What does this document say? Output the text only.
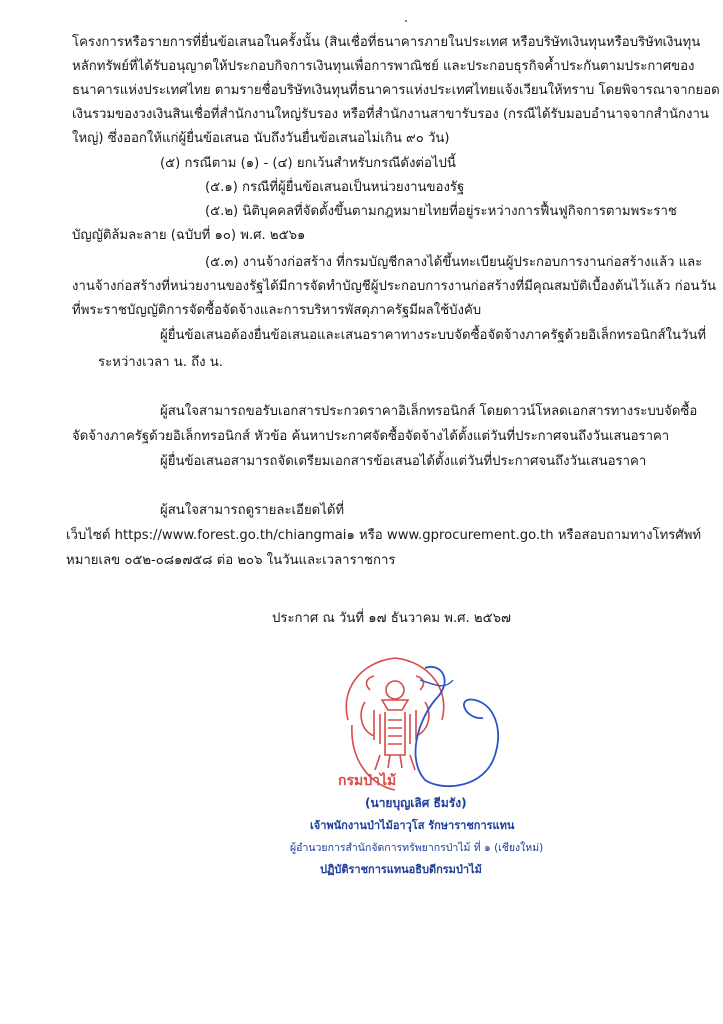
โครงการหรือรายการที่ยื่นข้อเสนอในครั้งนั้น (สินเชื่อที่ธนาคารภายในประเทศ หรือบริษัทเงินทุนหรือบริษัทเงินทุน
หลักทรัพย์ที่ได้รับอนุญาตให้ประกอบกิจการเงินทุนเพื่อการพาณิชย์ และประกอบธุรกิจค้ำประกันตามประกาศของ
ธนาคารแห่งประเทศไทย ตามรายชื่อบริษัทเงินทุนที่ธนาคารแห่งประเทศไทยแจ้งเวียนให้ทราบ โดยพิจารณาจากยอด
เงินรวมของวงเงินสินเชื่อที่สำนักงานใหญ่รับรอง หรือที่สำนักงานสาขารับรอง (กรณีได้รับมอบอำนาจจากสำนักงาน
ใหญ่) ซึ่งออกให้แก่ผู้ยื่นข้อเสนอ นับถึงวันยื่นข้อเสนอไม่เกิน ๙๐ วัน)
(๕) กรณีตาม (๑) - (๔) ยกเว้นสำหรับกรณีดังต่อไปนี้
(๕.๑) กรณีที่ผู้ยื่นข้อเสนอเป็นหน่วยงานของรัฐ
(๕.๒) นิติบุคคลที่จัดตั้งขึ้นตามกฎหมายไทยที่อยู่ระหว่างการฟื้นฟูกิจการตามพระราช
บัญญัติล้มละลาย (ฉบับที่ ๑๐) พ.ศ. ๒๕๖๑
(๕.๓) งานจ้างก่อสร้าง ที่กรมบัญชีกลางได้ขึ้นทะเบียนผู้ประกอบการงานก่อสร้างแล้ว และ
งานจ้างก่อสร้างที่หน่วยงานของรัฐได้มีการจัดทำบัญชีผู้ประกอบการงานก่อสร้างที่มีคุณสมบัติเบื้องต้นไว้แล้ว ก่อนวัน
ที่พระราชบัญญัติการจัดซื้อจัดจ้างและการบริหารพัสดุภาครัฐมีผลใช้บังคับ
ผู้ยื่นข้อเสนอต้องยื่นข้อเสนอและเสนอราคาทางระบบจัดซื้อจัดจ้างภาครัฐด้วยอิเล็กทรอนิกส์ในวันที่
ระหว่างเวลา น. ถึง น.
ผู้สนใจสามารถขอรับเอกสารประกวดราคาอิเล็กทรอนิกส์ โดยดาวน์โหลดเอกสารทางระบบจัดซื้อ
จัดจ้างภาครัฐด้วยอิเล็กทรอนิกส์ หัวข้อ ค้นหาประกาศจัดซื้อจัดจ้างได้ตั้งแต่วันที่ประกาศจนถึงวันเสนอราคา
ผู้ยื่นข้อเสนอสามารถจัดเตรียมเอกสารข้อเสนอได้ตั้งแต่วันที่ประกาศจนถึงวันเสนอราคา
ผู้สนใจสามารถดูรายละเอียดได้ที่
เว็บไซต์ https://www.forest.go.th/chiangmai๑ หรือ www.gprocurement.go.th หรือสอบถามทางโทรศัพท์
หมายเลข ๐๕๒-๐๘๑๗๕๘ ต่อ ๒๐๖ ในวันและเวลาราชการ
ประกาศ ณ วันที่ ๑๗ ธันวาคม พ.ศ. ๒๕๖๗
กรมป่าไม้
(นายบุญเลิศ ธีมรัง)
เจ้าพนักงานป่าไม้อาวุโส รักษาราชการแทน
ผู้อำนวยการสำนักจัดการทรัพยากรป่าไม้ ที่ ๑ (เชียงใหม่)
ปฏิบัติราชการแทนอธิบดีกรมป่าไม้
